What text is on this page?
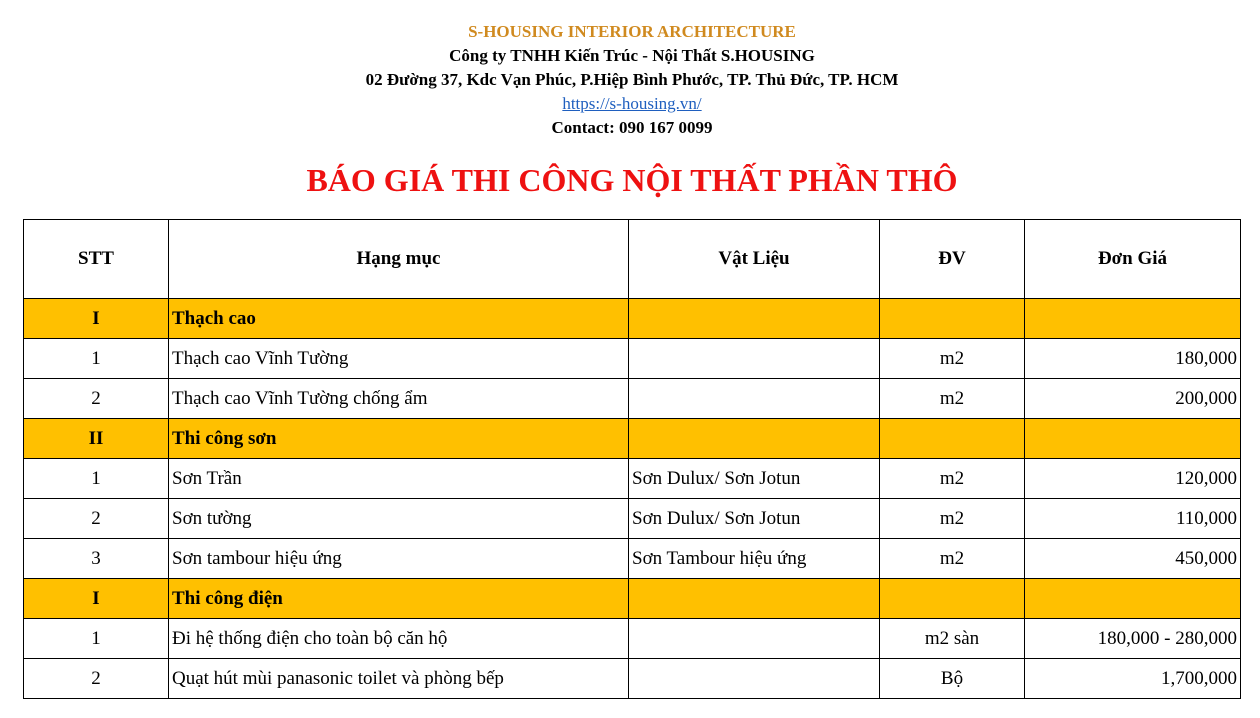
S-HOUSING INTERIOR ARCHITECTURE
Công ty TNHH Kiến Trúc - Nội Thất S.HOUSING
02 Đường 37, Kdc Vạn Phúc, P.Hiệp Bình Phước, TP. Thủ Đức, TP. HCM
https://s-housing.vn/
Contact: 090 167 0099
BÁO GIÁ THI CÔNG NỘI THẤT PHẦN THÔ
STT	Hạng mục	Vật Liệu	ĐV	Đơn Giá
I	Thạch cao			
1	Thạch cao Vĩnh Tường		m2	180,000
2	Thạch cao Vĩnh Tường chống ẩm		m2	200,000
II	Thi công sơn			
1	Sơn Trần	Sơn Dulux/ Sơn Jotun	m2	120,000
2	Sơn tường	Sơn Dulux/ Sơn Jotun	m2	110,000
3	Sơn tambour hiệu ứng	Sơn Tambour hiệu ứng	m2	450,000
I	Thi công điện			
1	Đi hệ thống điện cho toàn bộ căn hộ		m2 sàn	180,000 - 280,000
2	Quạt hút mùi panasonic toilet và phòng bếp		Bộ	1,700,000
